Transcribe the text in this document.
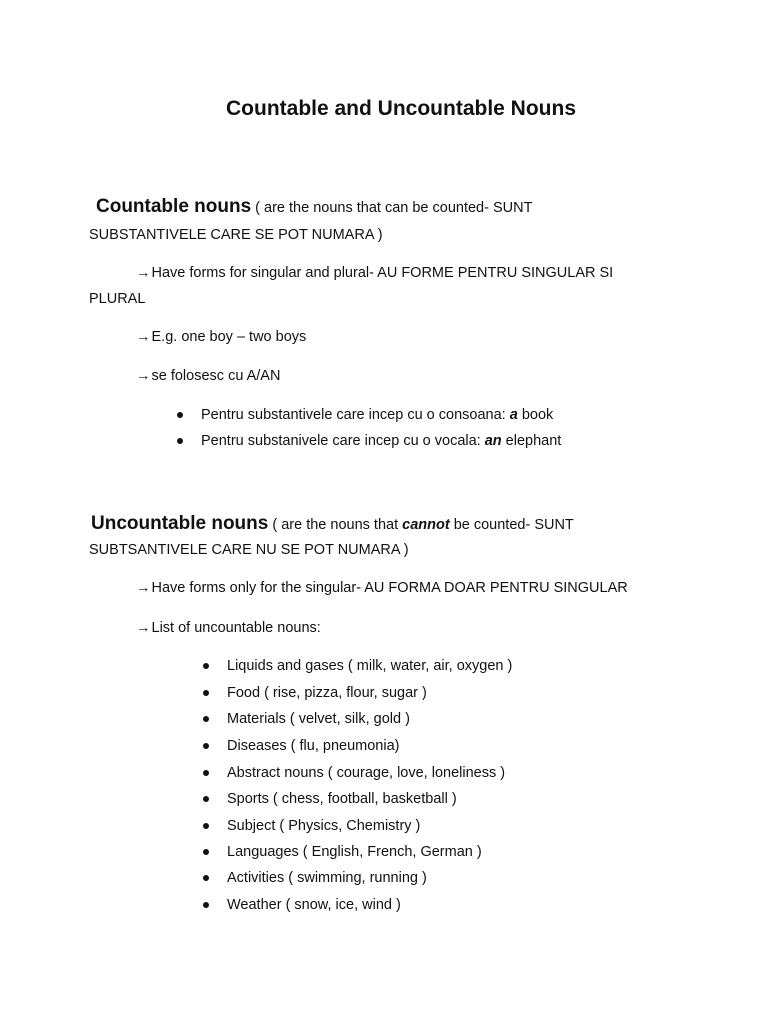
Countable and Uncountable Nouns
Countable nouns ( are the nouns that can be counted- SUNT
SUBSTANTIVELE CARE SE POT NUMARA )
→Have forms for singular and plural- AU FORME PENTRU SINGULAR SI
PLURAL
→E.g. one boy – two boys
→se folosesc cu A/AN
Pentru substantivele care incep cu o consoana: a book
Pentru substanivele care incep cu o vocala: an elephant
Uncountable nouns ( are the nouns that cannot be counted- SUNT
SUBTSANTIVELE CARE NU SE POT NUMARA )
→Have forms only for the singular- AU FORMA DOAR PENTRU SINGULAR
→List of uncountable nouns:
Liquids and gases ( milk, water, air, oxygen )
Food ( rise, pizza, flour, sugar )
Materials ( velvet, silk, gold )
Diseases ( flu, pneumonia)
Abstract nouns ( courage, love, loneliness )
Sports ( chess, football, basketball )
Subject ( Physics, Chemistry )
Languages ( English, French, German )
Activities ( swimming, running )
Weather ( snow, ice, wind )
